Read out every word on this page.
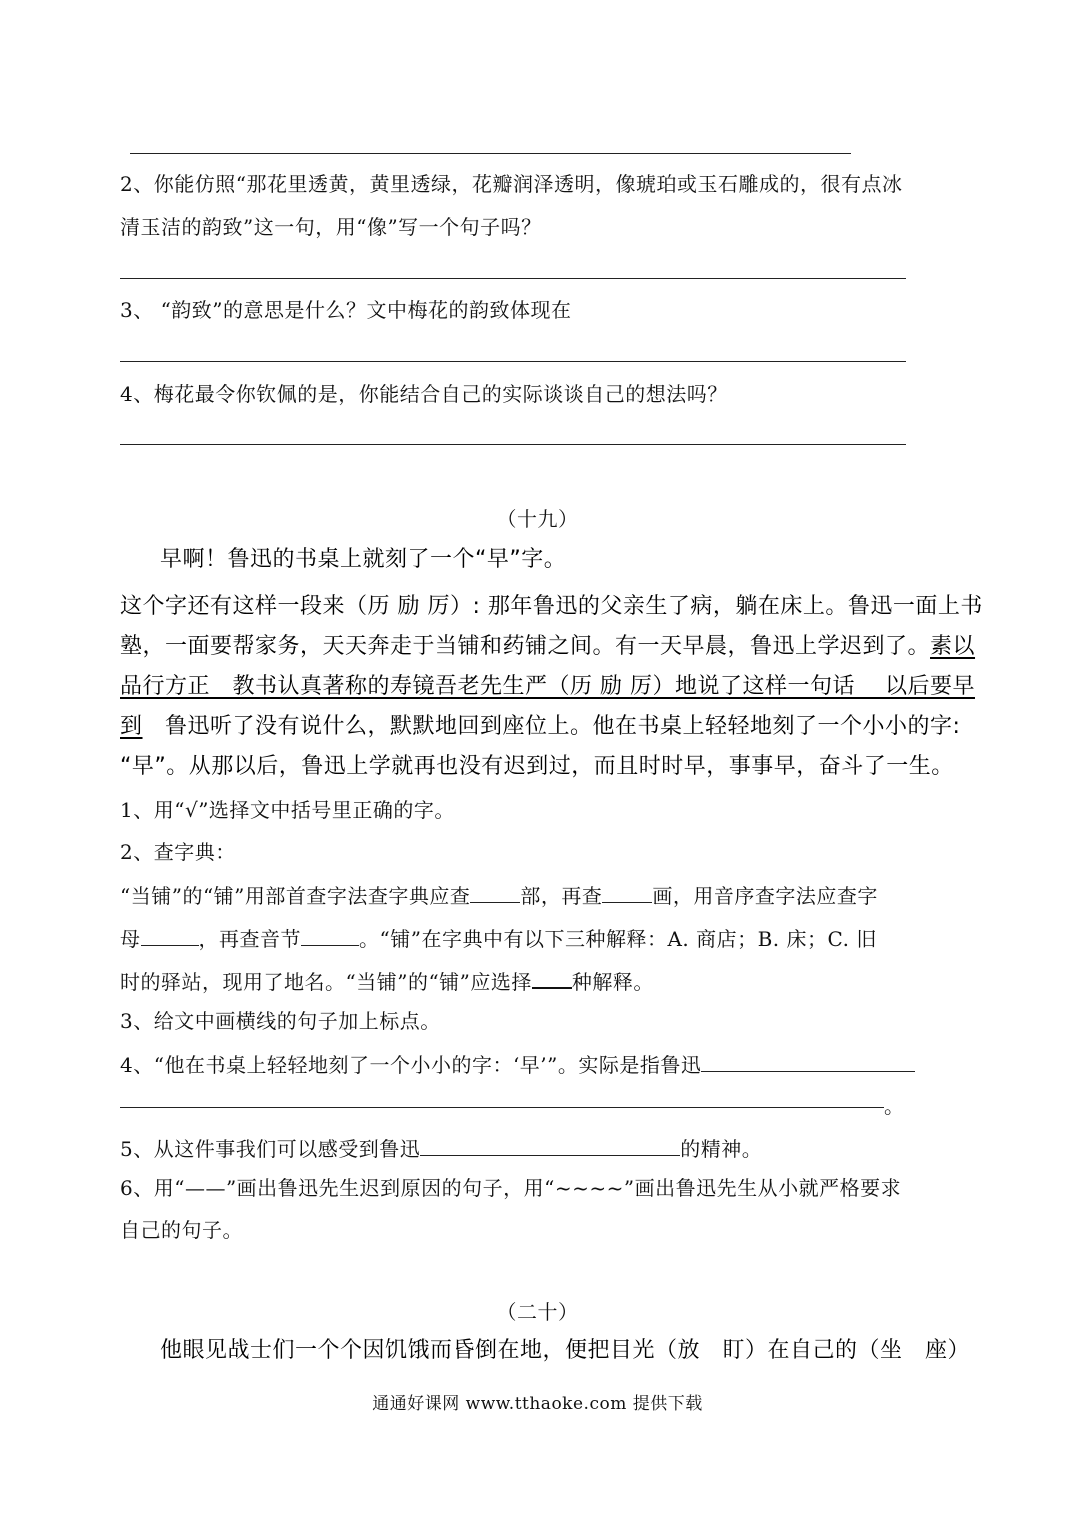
2、你能仿照“那花里透黄，黄里透绿，花瓣润泽透明，像琥珀或玉石雕成的，很有点冰
清玉洁的韵致”这一句，用“像”写一个句子吗？
3、 “韵致”的意思是什么？文中梅花的韵致体现在
4、梅花最令你钦佩的是，你能结合自己的实际谈谈自己的想法吗？
（十九）
早啊！鲁迅的书桌上就刻了一个“早”字。
这个字还有这样一段来（历 励 厉）: 那年鲁迅的父亲生了病，躺在床上。鲁迅一面上书
塾，一面要帮家务，天天奔走于当铺和药铺之间。有一天早晨，鲁迅上学迟到了。素以
品行方正　教书认真著称的寿镜吾老先生严（历 励 厉）地说了这样一句话　 以后要早
到　鲁迅听了没有说什么，默默地回到座位上。他在书桌上轻轻地刻了一个小小的字:
“早”。从那以后，鲁迅上学就再也没有迟到过，而且时时早，事事早，奋斗了一生。
1、用“√”选择文中括号里正确的字。
2、查字典：
“当铺”的“铺”用部首查字法查字典应查	部，再查	画，用音序查字法应查字
母	，再查音节	。“铺”在字典中有以下三种解释：A. 商店；B. 床；C. 旧
时的驿站，现用了地名。“当铺”的“铺”应选择 种解释。
3、给文中画横线的句子加上标点。
4、“他在书桌上轻轻地刻了一个小小的字：‘早’”。实际是指鲁迅
。
5、从这件事我们可以感受到鲁迅	的精神。
6、用“——”画出鲁迅先生迟到原因的句子，用“~~~~”画出鲁迅先生从小就严格要求
自己的句子。
（二十）
他眼见战士们一个个因饥饿而昏倒在地，便把目光（放　盯）在自己的（坐　座）
通通好课网 www.tthaoke.com 提供下载
